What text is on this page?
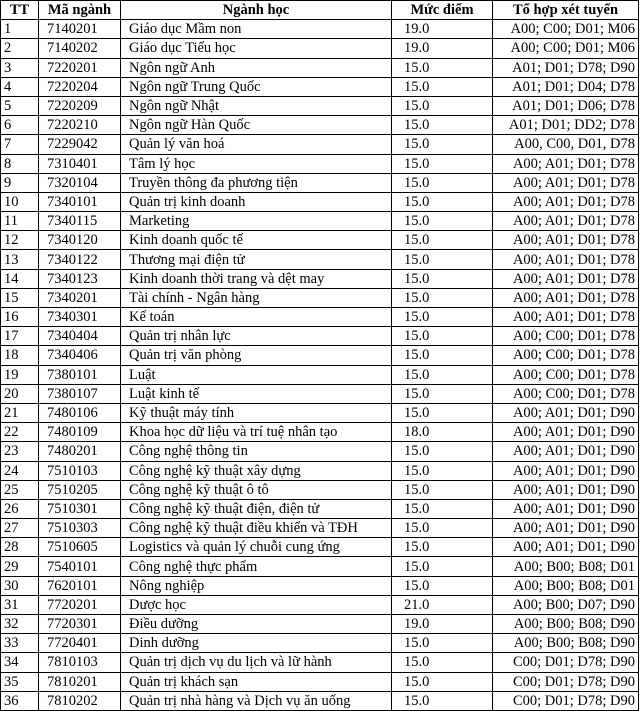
TT	Mã ngành	Ngành học	Mức điểm	Tổ hợp xét tuyển
1	7140201	Giáo dục Mầm non	19.0	A00; C00; D01; M06
2	7140202	Giáo dục Tiểu học	19.0	A00; C00; D01; M06
3	7220201	Ngôn ngữ Anh	15.0	A01; D01; D78; D90
4	7220204	Ngôn ngữ Trung Quốc	15.0	A01; D01; D04; D78
5	7220209	Ngôn ngữ Nhật	15.0	A01; D01; D06; D78
6	7220210	Ngôn ngữ Hàn Quốc	15.0	A01; D01; DD2; D78
7	7229042	Quản lý văn hoá	15.0	A00, C00, D01, D78
8	7310401	Tâm lý học	15.0	A00; A01; D01; D78
9	7320104	Truyền thông đa phương tiện	15.0	A00; A01; D01; D78
10	7340101	Quản trị kinh doanh	15.0	A00; A01; D01; D78
11	7340115	Marketing	15.0	A00; A01; D01; D78
12	7340120	Kinh doanh quốc tế	15.0	A00; A01; D01; D78
13	7340122	Thương mại điện tử	15.0	A00; A01; D01; D78
14	7340123	Kinh doanh thời trang và dệt may	15.0	A00; A01; D01; D78
15	7340201	Tài chính - Ngân hàng	15.0	A00; A01; D01; D78
16	7340301	Kế toán	15.0	A00; A01; D01; D78
17	7340404	Quản trị nhân lực	15.0	A00; C00; D01; D78
18	7340406	Quản trị văn phòng	15.0	A00; C00; D01; D78
19	7380101	Luật	15.0	A00; C00; D01; D78
20	7380107	Luật kinh tế	15.0	A00; C00; D01; D78
21	7480106	Kỹ thuật máy tính	15.0	A00; A01; D01; D90
22	7480109	Khoa học dữ liệu và trí tuệ nhân tạo	18.0	A00; A01; D01; D90
23	7480201	Công nghệ thông tin	15.0	A00; A01; D01; D90
24	7510103	Công nghệ kỹ thuật xây dựng	15.0	A00; A01; D01; D90
25	7510205	Công nghệ kỹ thuật ô tô	15.0	A00; A01; D01; D90
26	7510301	Công nghệ kỹ thuật điện, điện tử	15.0	A00; A01; D01; D90
27	7510303	Công nghệ kỹ thuật điều khiển và TĐH	15.0	A00; A01; D01; D90
28	7510605	Logistics và quản lý chuỗi cung ứng	15.0	A00; A01; D01; D90
29	7540101	Công nghệ thực phẩm	15.0	A00; B00; B08; D01
30	7620101	Nông nghiệp	15.0	A00; B00; B08; D01
31	7720201	Dược học	21.0	A00; B00; D07; D90
32	7720301	Điều dưỡng	19.0	A00; B00; B08; D90
33	7720401	Dinh dưỡng	15.0	A00; B00; B08; D90
34	7810103	Quản trị dịch vụ du lịch và lữ hành	15.0	C00; D01; D78; D90
35	7810201	Quản trị khách sạn	15.0	C00; D01; D78; D90
36	7810202	Quản trị nhà hàng và Dịch vụ ăn uống	15.0	C00; D01; D78; D90
